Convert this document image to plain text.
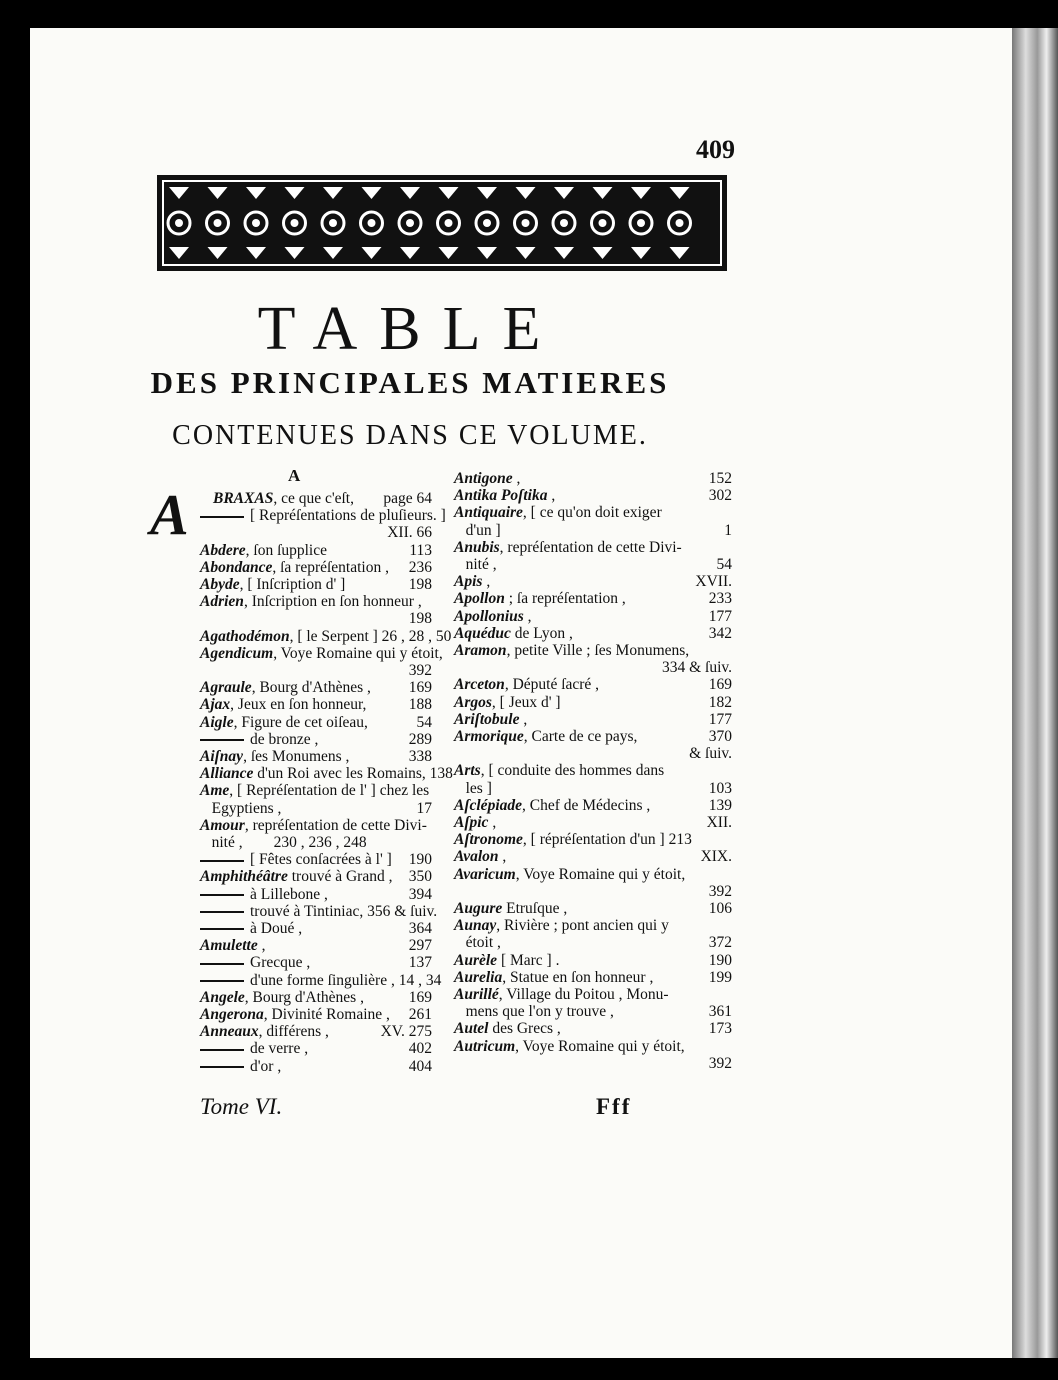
409
TABLE
DES PRINCIPALES MATIERES
CONTENUES DANS CE VOLUME.
A
A BRAXAS, ce que c'eſt, page 64
[ Repréſentations de pluſieurs. ]
XII. 66
Abdere, ſon ſupplice	113
Abondance, ſa repréſentation , 236
Abyde, [ Inſcription d' ]	198
Adrien, Inſcription en ſon honneur ,
198
Agathodémon, [ le Serpent ] 26 , 28 , 50
Agendicum, Voye Romaine qui y étoit,
392
Agraule, Bourg d'Athènes , 169
Ajax, Jeux en ſon honneur,	188
Aigle, Figure de cet oiſeau,	54
de bronze ,	289
Aiſnay, ſes Monumens ,	338
Alliance d'un Roi avec les Romains, 138
Ame, [ Repréſentation de l' ] chez les
Egyptiens ,	17
Amour, repréſentation de cette Divi-
nité ,        230 , 236 , 248
[ Fêtes conſacrées à l' ] 190
Amphithéâtre trouvé à Grand , 350
à Lillebone ,	394
trouvé à Tintiniac, 356 & ſuiv.
à Doué ,	364
Amulette ,	297
Grecque ,	137
d'une forme ſingulière , 14 , 34
Angele, Bourg d'Athènes ,	169
Angerona, Divinité Romaine , 261
Anneaux, différens ,	XV. 275
de verre ,	402
d'or ,	404
Antigone ,	152
Antika Poſtika ,	302
Antiquaire, [ ce qu'on doit exiger
d'un ]	1
Anubis, repréſentation de cette Divi-
nité ,	54
Apis ,	XVII.
Apollon ; ſa repréſentation ,	233
Apollonius ,	177
Aquéduc de Lyon ,	342
Aramon, petite Ville ; ſes Monumens,
334 & ſuiv.
Arceton, Député ſacré ,	169
Argos, [ Jeux d' ]	182
Ariſtobule ,	177
Armorique, Carte de ce pays,	370
& ſuiv.
Arts, [ conduite des hommes dans
les ]	103
Aſclépiade, Chef de Médecins ,	139
Aſpic ,	XII.
Aſtronome, [ répréſentation d'un ] 213
Avalon ,	XIX.
Avaricum, Voye Romaine qui y étoit,
392
Augure Etruſque ,	106
Aunay, Rivière ; pont ancien qui y
étoit ,	372
Aurèle [ Marc ] .	190
Aurelia, Statue en ſon honneur ,	199
Aurillé, Village du Poitou , Monu-
mens que l'on y trouve ,	361
Autel des Grecs ,	173
Autricum, Voye Romaine qui y étoit,
392
Tome VI.	Fff
